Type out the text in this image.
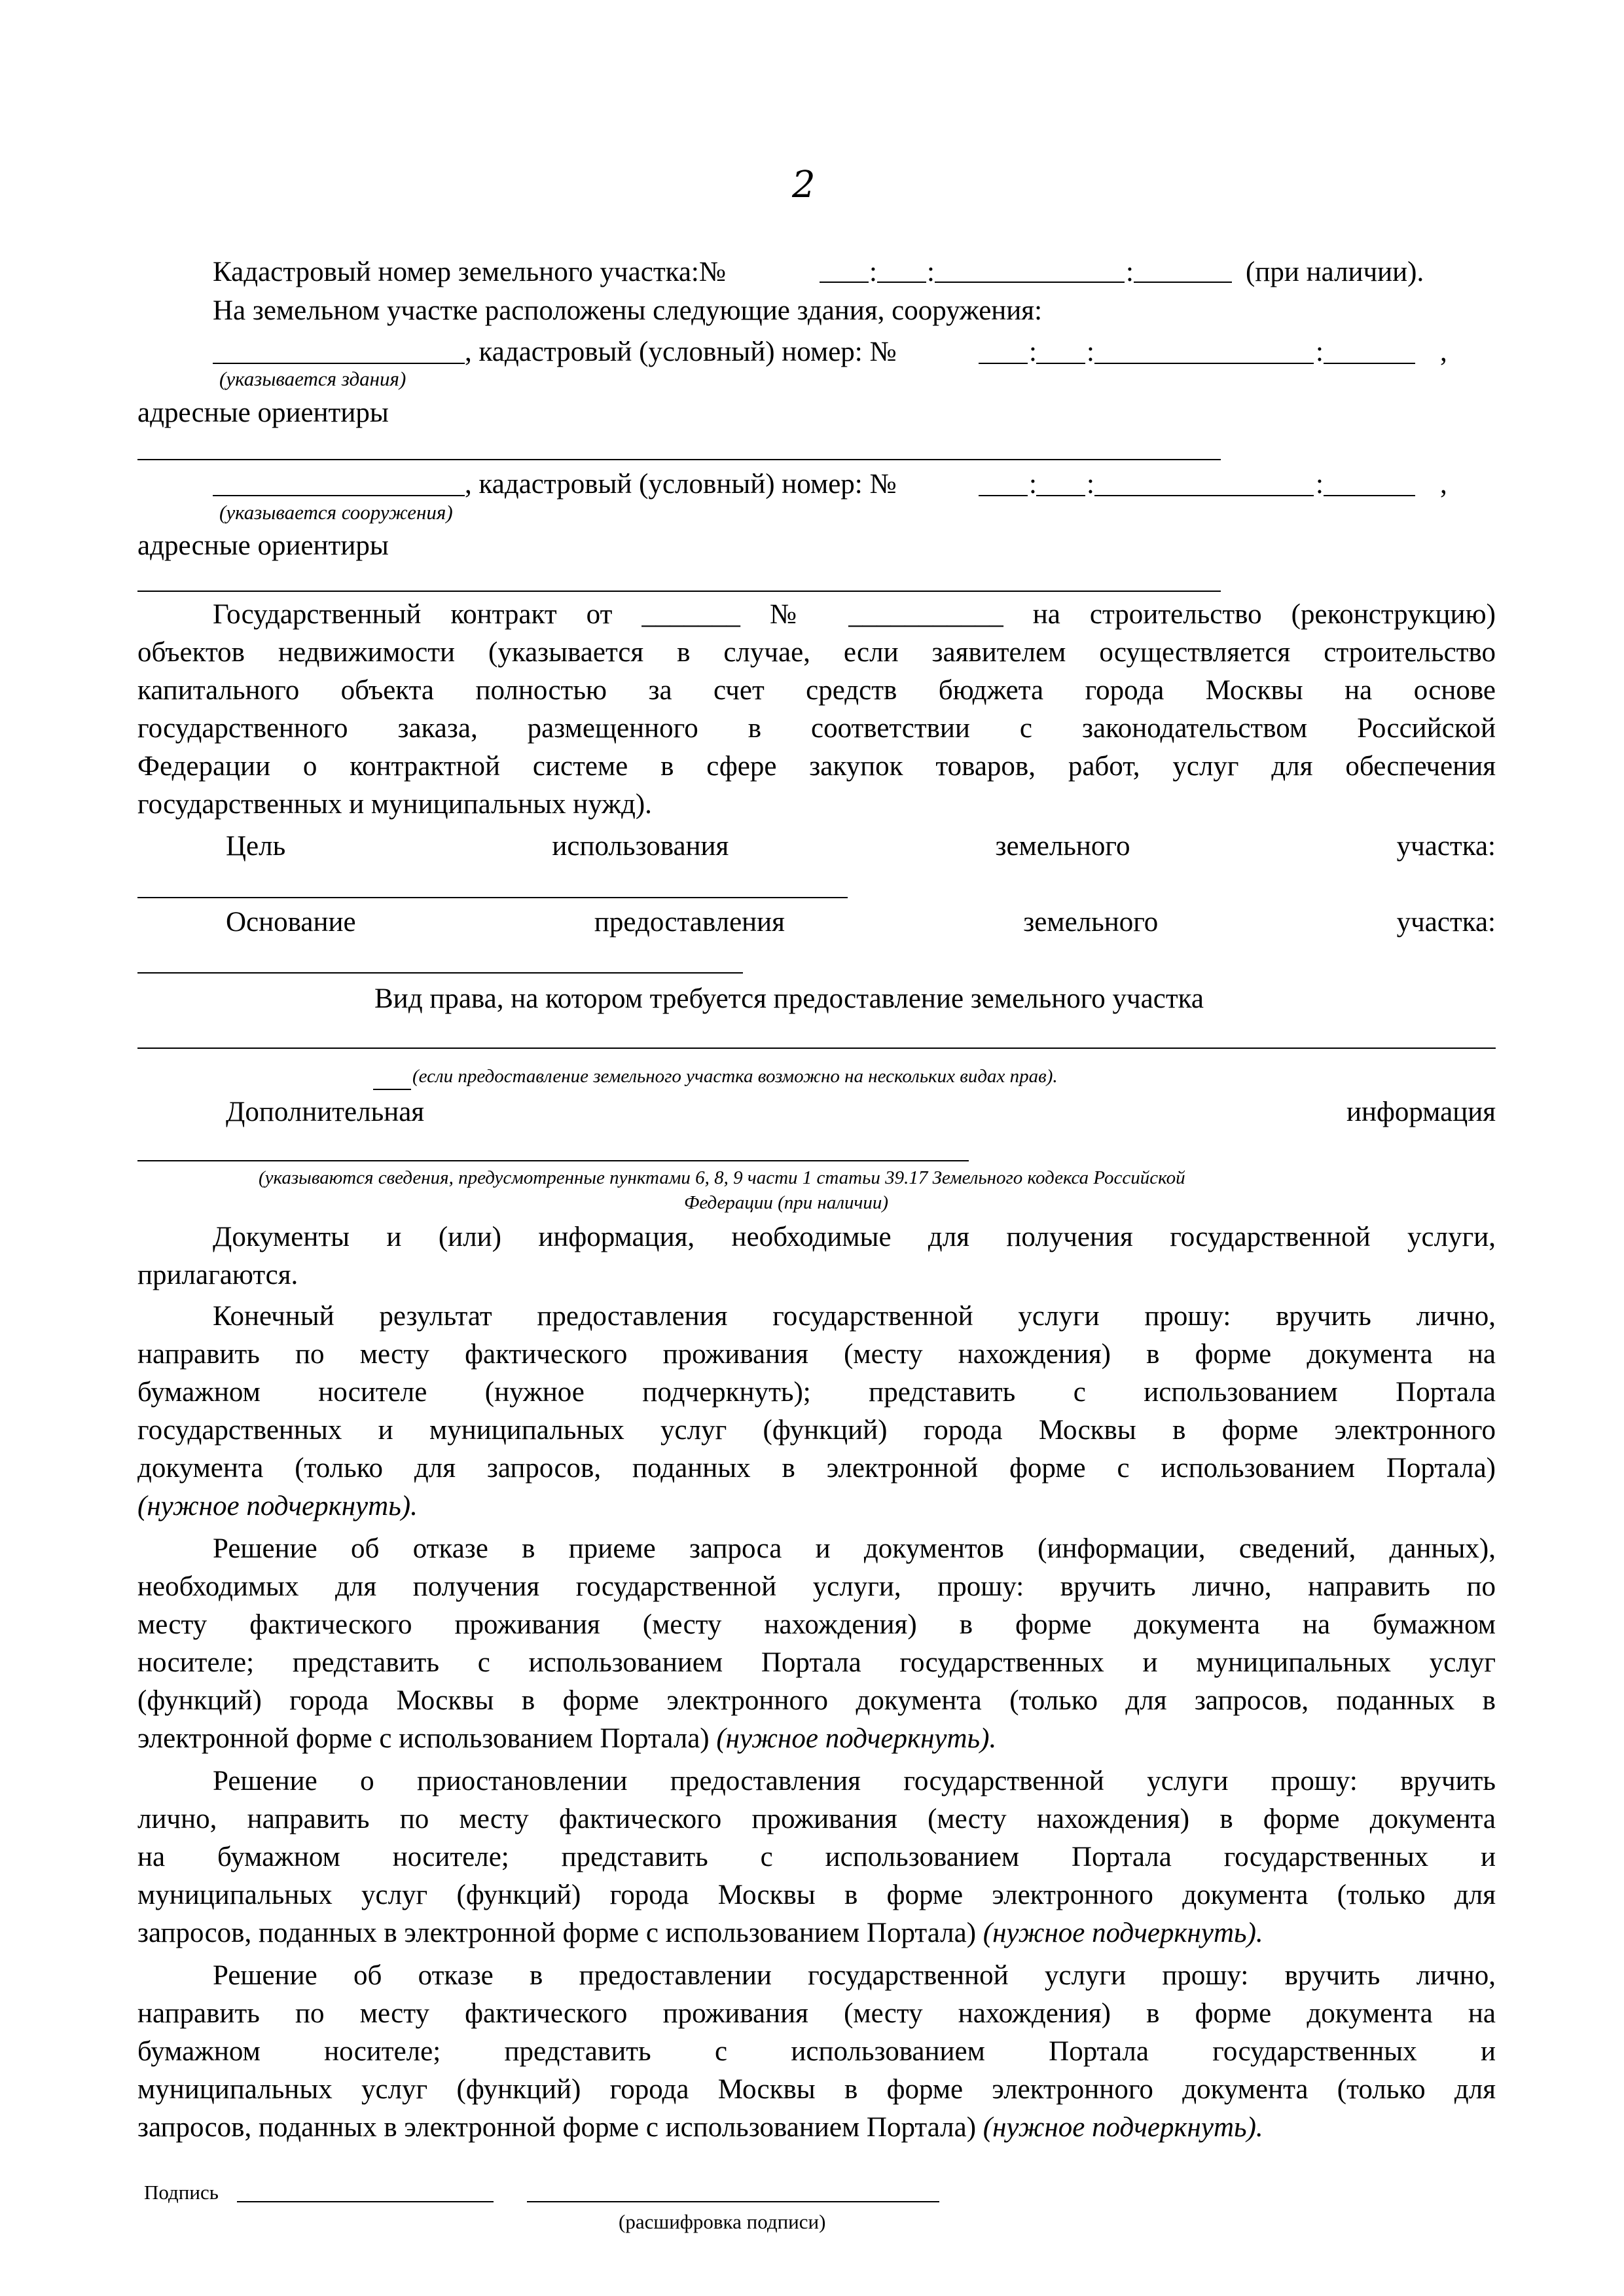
2
Кадастровый номер земельного участка:№	: :	:	(при наличии).
На земельном участке расположены следующие здания, сооружения:
, кадастровый (условный) номер: №	: :	:	,
(указывается здания)
адресные ориентиры
, кадастровый (условный) номер: №	: :	:	,
(указывается сооружения)
адресные ориентиры
Государственный контракт от _______ № ___________ на строительство (реконструкцию)
объектов недвижимости (указывается в случае, если заявителем осуществляется строительство
капитального объекта полностью за счет средств бюджета города Москвы на основе
государственного заказа, размещенного в соответствии с законодательством Российской
Федерации о контрактной системе в сфере закупок товаров, работ, услуг для обеспечения
государственных и муниципальных нужд).
Цель	использования	земельного	участка:
Основание	предоставления	земельного	участка:
Вид права, на котором требуется предоставление земельного участка
(если предоставление земельного участка возможно на нескольких видах прав).
Дополнительная	информация
(указываются сведения, предусмотренные пунктами 6, 8, 9 части 1 статьи 39.17 Земельного кодекса Российской
Федерации (при наличии)
Документы и (или) информация, необходимые для получения государственной услуги,
прилагаются.
Конечный результат предоставления государственной услуги прошу: вручить лично,
направить по месту фактического проживания (месту нахождения) в форме документа на
бумажном носителе (нужное подчеркнуть); представить с использованием Портала
государственных и муниципальных услуг (функций) города Москвы в форме электронного
документа (только для запросов, поданных в электронной форме с использованием Портала)
(нужное подчеркнуть).
Решение об отказе в приеме запроса и документов (информации, сведений, данных),
необходимых для получения государственной услуги, прошу: вручить лично, направить по
месту фактического проживания (месту нахождения) в форме документа на бумажном
носителе; представить с использованием Портала государственных и муниципальных услуг
(функций) города Москвы в форме электронного документа (только для запросов, поданных в
электронной форме с использованием Портала) (нужное подчеркнуть).
Решение о приостановлении предоставления государственной услуги прошу: вручить
лично, направить по месту фактического проживания (месту нахождения) в форме документа
на бумажном носителе; представить с использованием Портала государственных и
муниципальных услуг (функций) города Москвы в форме электронного документа (только для
запросов, поданных в электронной форме с использованием Портала) (нужное подчеркнуть).
Решение об отказе в предоставлении государственной услуги прошу: вручить лично,
направить по месту фактического проживания (месту нахождения) в форме документа на
бумажном носителе; представить с использованием Портала государственных и
муниципальных услуг (функций) города Москвы в форме электронного документа (только для
запросов, поданных в электронной форме с использованием Портала) (нужное подчеркнуть).
Подпись
(расшифровка подписи)
